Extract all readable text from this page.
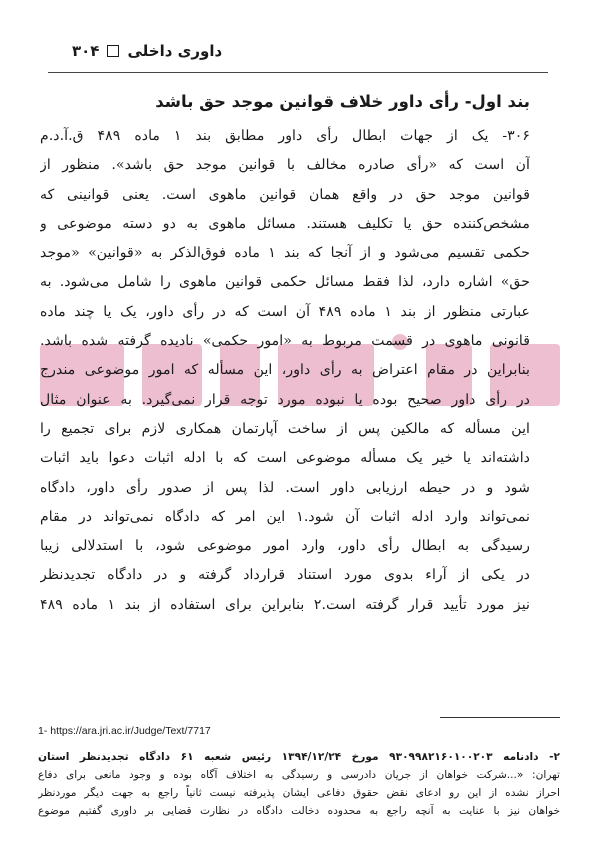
۳۰۴ داوری داخلی
بند اول- رأی داور خلاف قوانین موجد حق باشد
۳۰۶- یک از جهات ابطال رأی داور مطابق بند ۱ ماده ۴۸۹ ق.آ.د.م
آن است که «رأی صادره مخالف با قوانین موجد حق باشد». منظور از
قوانین موجد حق در واقع همان قوانین ماهوی است. یعنی قوانینی که
مشخص‌کننده حق یا تکلیف هستند. مسائل ماهوی به دو دسته موضوعی و
حکمی تقسیم می‌شود و از آنجا که بند ۱ ماده فوق‌الذکر به «قوانین» «موجد
حق» اشاره دارد، لذا فقط مسائل حکمی قوانین ماهوی را شامل می‌شود. به
عبارتی منظور از بند ۱ ماده ۴۸۹ آن است که در رأی داور، یک یا چند ماده
قانونی ماهوی در قسمت مربوط به «امور حکمی» نادیده گرفته شده باشد.
بنابراین در مقام اعتراض به رأی داور، این مسأله که امور موضوعی مندرج
در رأی داور صحیح بوده یا نبوده مورد توجه قرار نمی‌گیرد. به عنوان مثال
این مسأله که مالکین پس از ساخت آپارتمان همکاری لازم برای تجمیع را
داشته‌اند یا خیر یک مسأله موضوعی است که با ادله اثبات دعوا باید اثبات
شود و در حیطه ارزیابی داور است. لذا پس از صدور رأی داور، دادگاه
نمی‌تواند وارد ادله اثبات آن شود.۱ این امر که دادگاه نمی‌تواند در مقام
رسیدگی به ابطال رأی داور، وارد امور موضوعی شود، با استدلالی زیبا
در یکی از آراء بدوی مورد استناد قرارداد گرفته و در دادگاه تجدیدنظر
نیز مورد تأیید قرار گرفته است.۲ بنابراین برای استفاده از بند ۱ ماده ۴۸۹
1- https://ara.jri.ac.ir/Judge/Text/7717
۲- دادنامه ۹۳۰۹۹۸۲۱۶۰۱۰۰۲۰۳ مورخ ۱۳۹۴/۱۲/۲۴ رئیس شعبه ۶۱ دادگاه تجدیدنظر استان
تهران: «...شرکت خواهان از جریان دادرسی و رسیدگی به اختلاف آگاه بوده و وجود مانعی برای دفاع
احراز نشده از این رو ادعای نقض حقوق دفاعی ایشان پذیرفته نیست ثانیاً راجع به جهت دیگر موردنظر
خواهان نیز با عنایت به آنچه راجع به محدوده دخالت دادگاه در نظارت قضایی بر داوری گفتیم موضوع
